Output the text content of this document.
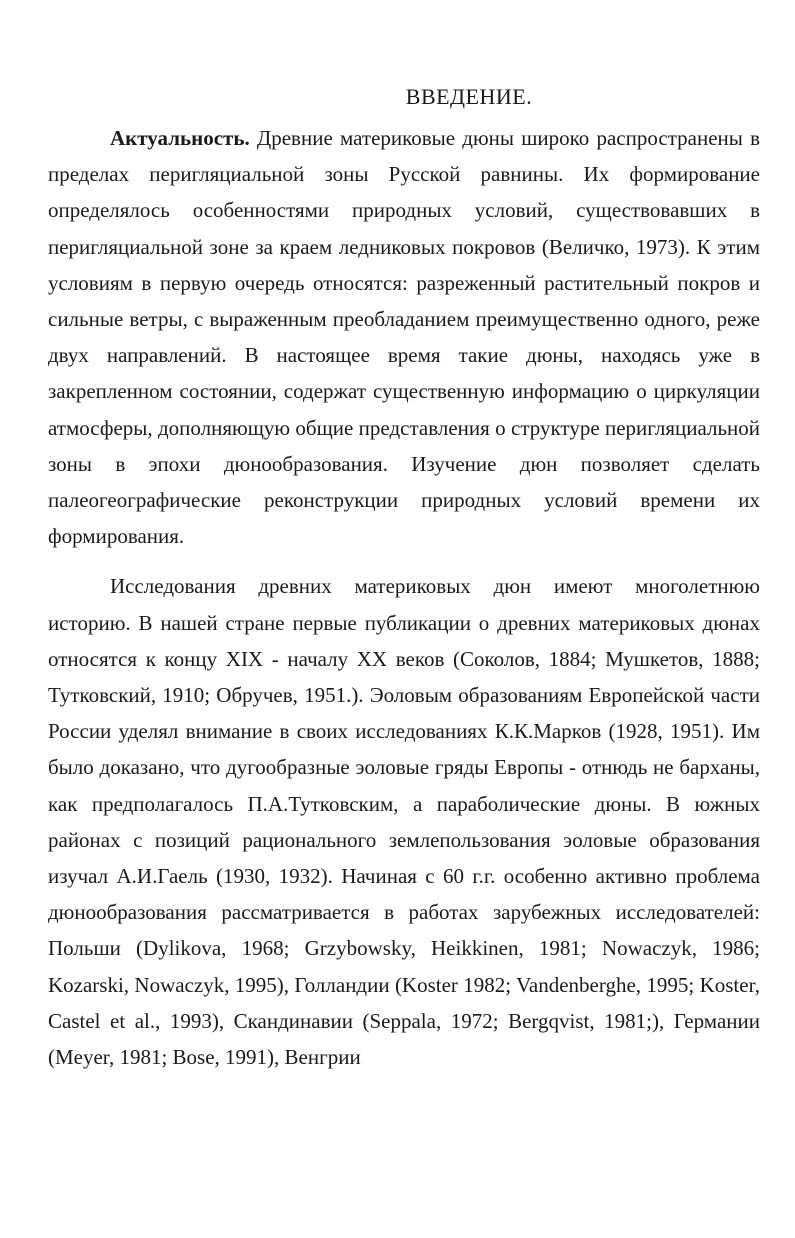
ВВЕДЕНИЕ.

Актуальность. Древние материковые дюны широко распространены в пределах перигляциальной зоны Русской равнины. Их формирование определялось особенностями природных условий, существовавших в перигляциальной зоне за краем ледниковых покровов (Величко, 1973). К этим условиям в первую очередь относятся: разреженный растительный покров и сильные ветры, с выраженным преобладанием преимущественно одного, реже двух направлений. В настоящее время такие дюны, находясь уже в закрепленном состоянии, содержат существенную информацию о циркуляции атмосферы, дополняющую общие представления о структуре перигляциальной зоны в эпохи дюнообразования. Изучение дюн позволяет сделать палеогеографические реконструкции природных условий времени их формирования.

Исследования древних материковых дюн имеют многолетнюю историю. В нашей стране первые публикации о древних материковых дюнах относятся к концу XIX - началу XX веков (Соколов, 1884; Мушкетов, 1888; Тутковский, 1910; Обручев, 1951.). Эоловым образованиям Европейской части России уделял внимание в своих исследованиях К.К.Марков (1928, 1951). Им было доказано, что дугообразные эоловые гряды Европы - отнюдь не барханы, как предполагалось П.А.Тутковским, а параболические дюны. В южных районах с позиций рационального землепользования эоловые образования изучал А.И.Гаель (1930, 1932). Начиная с 60 г.г. особенно активно проблема дюнообразования рассматривается в работах зарубежных исследователей: Польши (Dylikova, 1968; Grzybowsky, Heikkinen, 1981; Nowaczyk, 1986; Kozarski, Nowaczyk, 1995), Голландии (Koster 1982; Vandenberghe, 1995; Koster, Castel et al., 1993), Скандинавии (Seppala, 1972; Bergqvist, 1981;), Германии (Meyer, 1981; Bose, 1991), Венгрии
